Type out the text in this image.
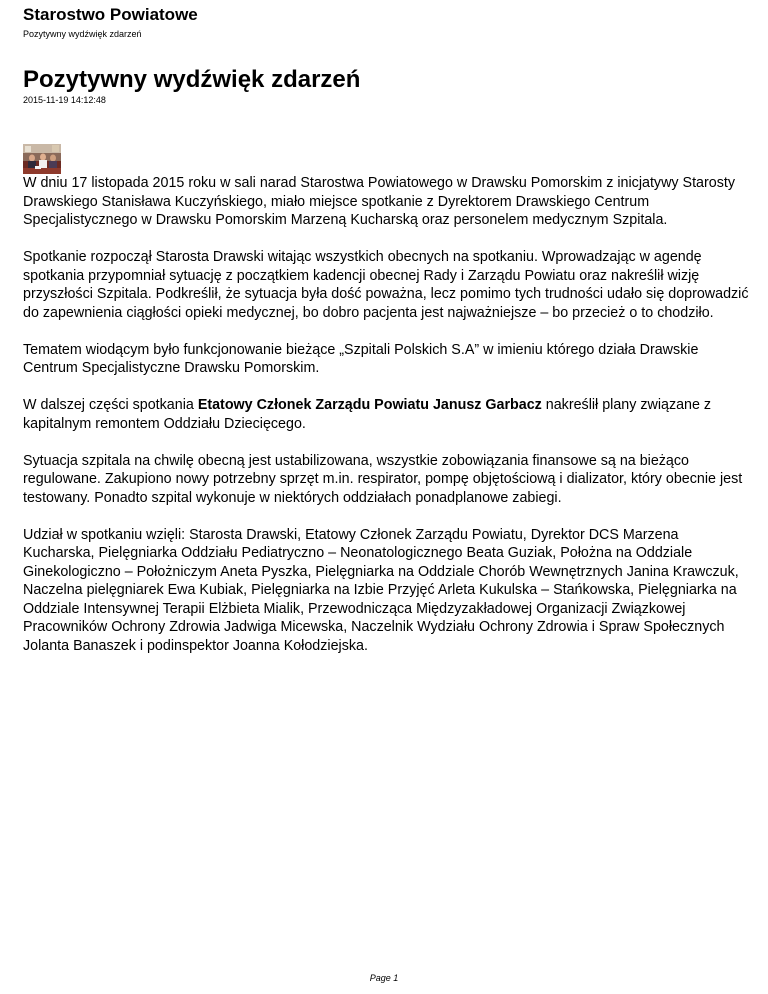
Starostwo Powiatowe
Pozytywny wydźwięk zdarzeń
Pozytywny wydźwięk zdarzeń
2015-11-19 14:12:48

W dniu 17 listopada 2015 roku w sali narad Starostwa Powiatowego w Drawsku Pomorskim z inicjatywy Starosty Drawskiego Stanisława Kuczyńskiego, miało miejsce spotkanie z Dyrektorem Drawskiego Centrum Specjalistycznego w Drawsku Pomorskim Marzeną Kucharską oraz personelem medycznym Szpitala.

Spotkanie rozpoczął Starosta Drawski witając wszystkich obecnych na spotkaniu. Wprowadzając w agendę spotkania przypomniał sytuację z początkiem kadencji obecnej Rady i Zarządu Powiatu oraz nakreślił wizję przyszłości Szpitala. Podkreślił, że sytuacja była dość poważna, lecz pomimo tych trudności udało się doprowadzić do zapewnienia ciągłości opieki medycznej, bo dobro pacjenta jest najważniejsze – bo przecież o to chodziło.

Tematem wiodącym było funkcjonowanie bieżące „Szpitali Polskich S.A” w imieniu którego działa Drawskie Centrum Specjalistyczne Drawsku Pomorskim.

W dalszej części spotkania Etatowy Członek Zarządu Powiatu Janusz Garbacz nakreślił plany związane z kapitalnym remontem Oddziału Dziecięcego.

Sytuacja szpitala na chwilę obecną jest ustabilizowana, wszystkie zobowiązania finansowe są na bieżąco regulowane. Zakupiono nowy potrzebny sprzęt m.in. respirator, pompę objętościową i dializator, który obecnie jest testowany. Ponadto szpital wykonuje w niektórych oddziałach ponadplanowe zabiegi.

Udział w spotkaniu wzięli: Starosta Drawski, Etatowy Członek Zarządu Powiatu, Dyrektor DCS Marzena Kucharska, Pielęgniarka Oddziału Pediatryczno – Neonatologicznego Beata Guziak, Położna na Oddziale Ginekologiczno – Położniczym Aneta Pyszka, Pielęgniarka na Oddziale Chorób Wewnętrznych Janina Krawczuk, Naczelna pielęgniarek Ewa Kubiak, Pielęgniarka na Izbie Przyjęć Arleta Kukulska – Stańkowska, Pielęgniarka na Oddziale Intensywnej Terapii Elżbieta Mialik, Przewodnicząca Międzyzakładowej Organizacji Związkowej Pracowników Ochrony Zdrowia Jadwiga Micewska, Naczelnik Wydziału Ochrony Zdrowia i Spraw Społecznych Jolanta Banaszek i podinspektor Joanna Kołodziejska.

Page 1
